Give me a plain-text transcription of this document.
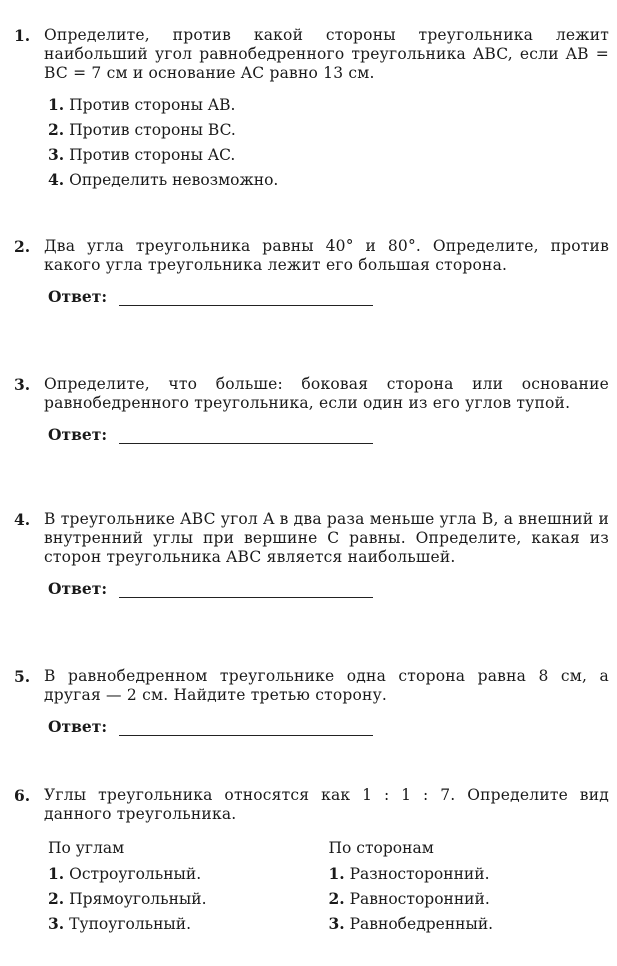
1. Определите, против какой стороны треугольника лежит наибольший угол равнобедренного треугольника ABC, если AB = BC = 7 см и основание AC равно 13 см.
1. Против стороны AB.
2. Против стороны BC.
3. Против стороны AC.
4. Определить невозможно.
2. Два угла треугольника равны 40° и 80°. Определите, против какого угла треугольника лежит его большая сторона.
Ответ:
3. Определите, что больше: боковая сторона или основание равнобедренного треугольника, если один из его углов тупой.
Ответ:
4. В треугольнике ABC угол A в два раза меньше угла B, а внешний и внутренний углы при вершине C равны. Определите, какая из сторон треугольника ABC является наибольшей.
Ответ:
5. В равнобедренном треугольнике одна сторона равна 8 см, а другая — 2 см. Найдите третью сторону.
Ответ:
6. Углы треугольника относятся как 1 : 1 : 7. Определите вид данного треугольника.
По углам
1. Остроугольный.
2. Прямоугольный.
3. Тупоугольный.
По сторонам
1. Разносторонний.
2. Равносторонний.
3. Равнобедренный.
